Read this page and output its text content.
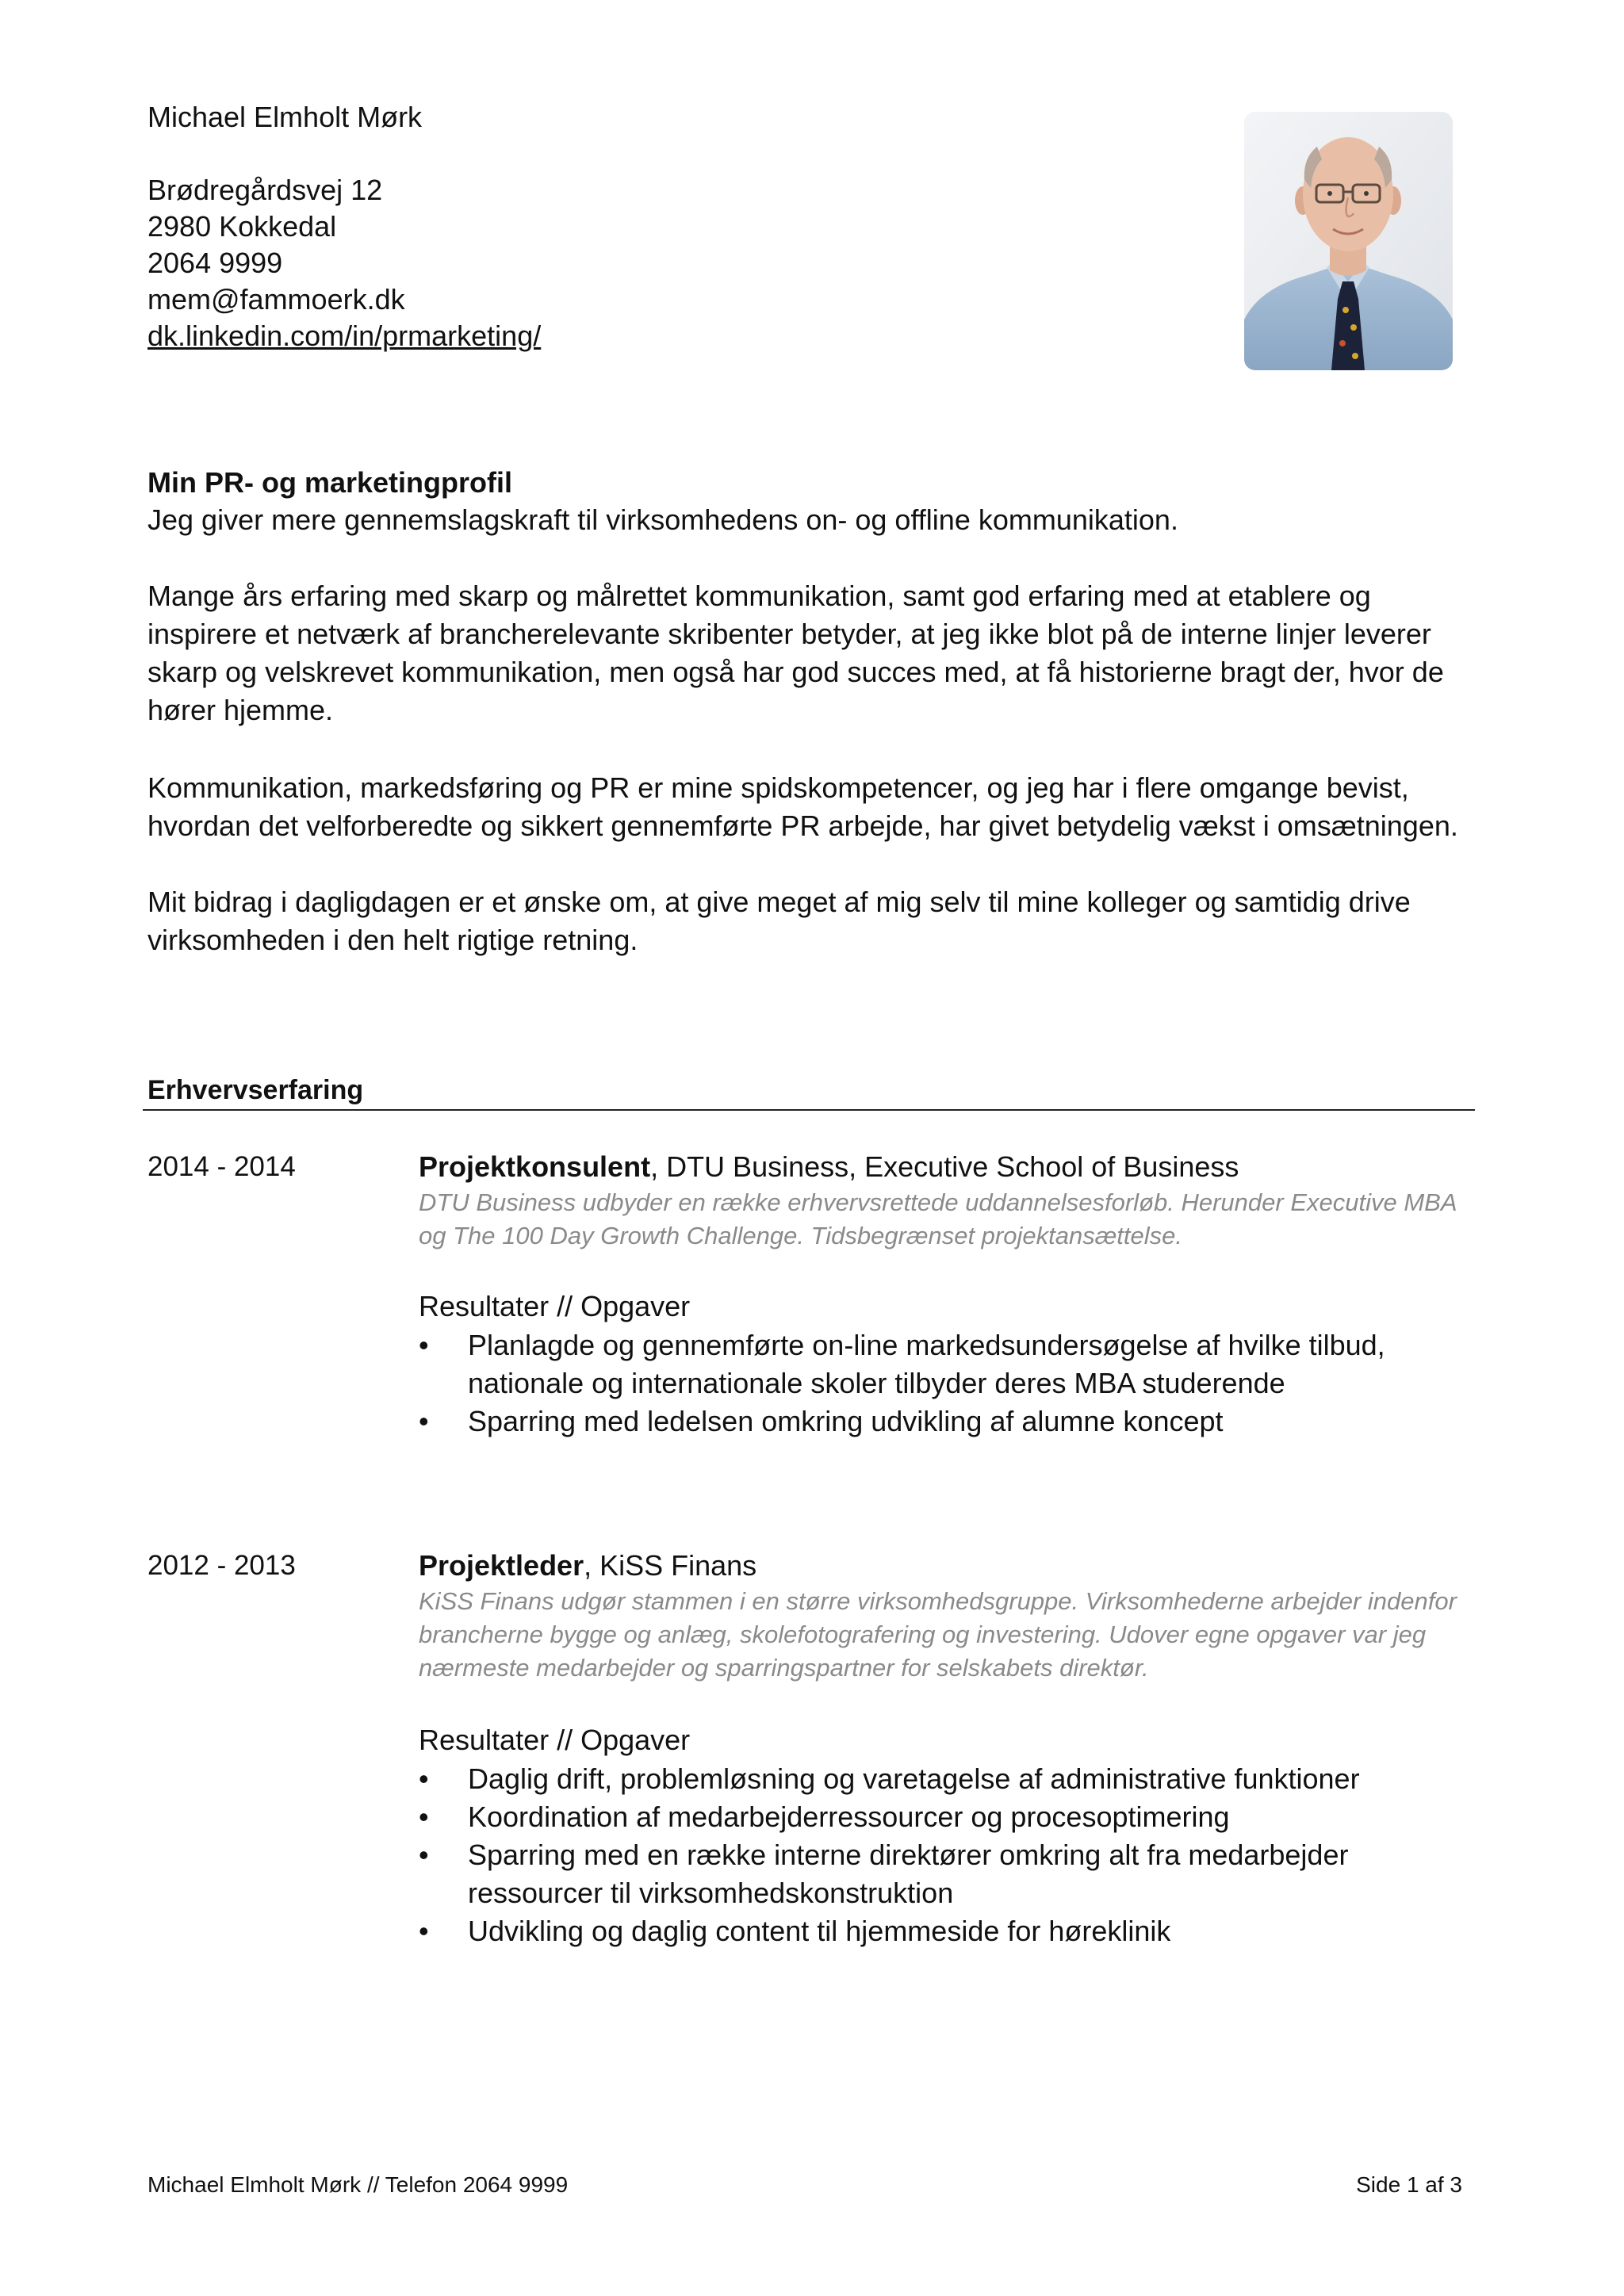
Michael Elmholt Mørk
Brødregårdsvej 12
2980 Kokkedal
2064 9999
mem@fammoerk.dk
dk.linkedin.com/in/prmarketing/
Min PR- og marketingprofil
Jeg giver mere gennemslagskraft til virksomhedens on- og offline kommunikation.
Mange års erfaring med skarp og målrettet kommunikation, samt god erfaring med at etablere og inspirere et netværk af brancherelevante skribenter betyder, at jeg ikke blot på de interne linjer leverer skarp og velskrevet kommunikation, men også har god succes med, at få historierne bragt der, hvor de hører hjemme.
Kommunikation, markedsføring og PR er mine spidskompetencer, og jeg har i flere omgange bevist, hvordan det velforberedte og sikkert gennemførte PR arbejde, har givet betydelig vækst i omsætningen.
Mit bidrag i dagligdagen er et ønske om, at give meget af mig selv til mine kolleger og samtidig drive virksomheden i den helt rigtige retning.
Erhvervserfaring
2014 - 2014	Projektkonsulent, DTU Business, Executive School of Business
DTU Business udbyder en række erhvervsrettede uddannelsesforløb. Herunder Executive MBA og The 100 Day Growth Challenge. Tidsbegrænset projektansættelse.
Resultater // Opgaver
• Planlagde og gennemførte on-line markedsundersøgelse af hvilke tilbud, nationale og internationale skoler tilbyder deres MBA studerende
• Sparring med ledelsen omkring udvikling af alumne koncept
2012 - 2013	Projektleder, KiSS Finans
KiSS Finans udgør stammen i en større virksomhedsgruppe. Virksomhederne arbejder indenfor brancherne bygge og anlæg, skolefotografering og investering. Udover egne opgaver var jeg nærmeste medarbejder og sparringspartner for selskabets direktør.
Resultater // Opgaver
• Daglig drift, problemløsning og varetagelse af administrative funktioner
• Koordination af medarbejderressourcer og procesoptimering
• Sparring med en række interne direktører omkring alt fra medarbejder ressourcer til virksomhedskonstruktion
• Udvikling og daglig content til hjemmeside for høreklinik
Michael Elmholt Mørk // Telefon 2064 9999	Side 1 af 3
